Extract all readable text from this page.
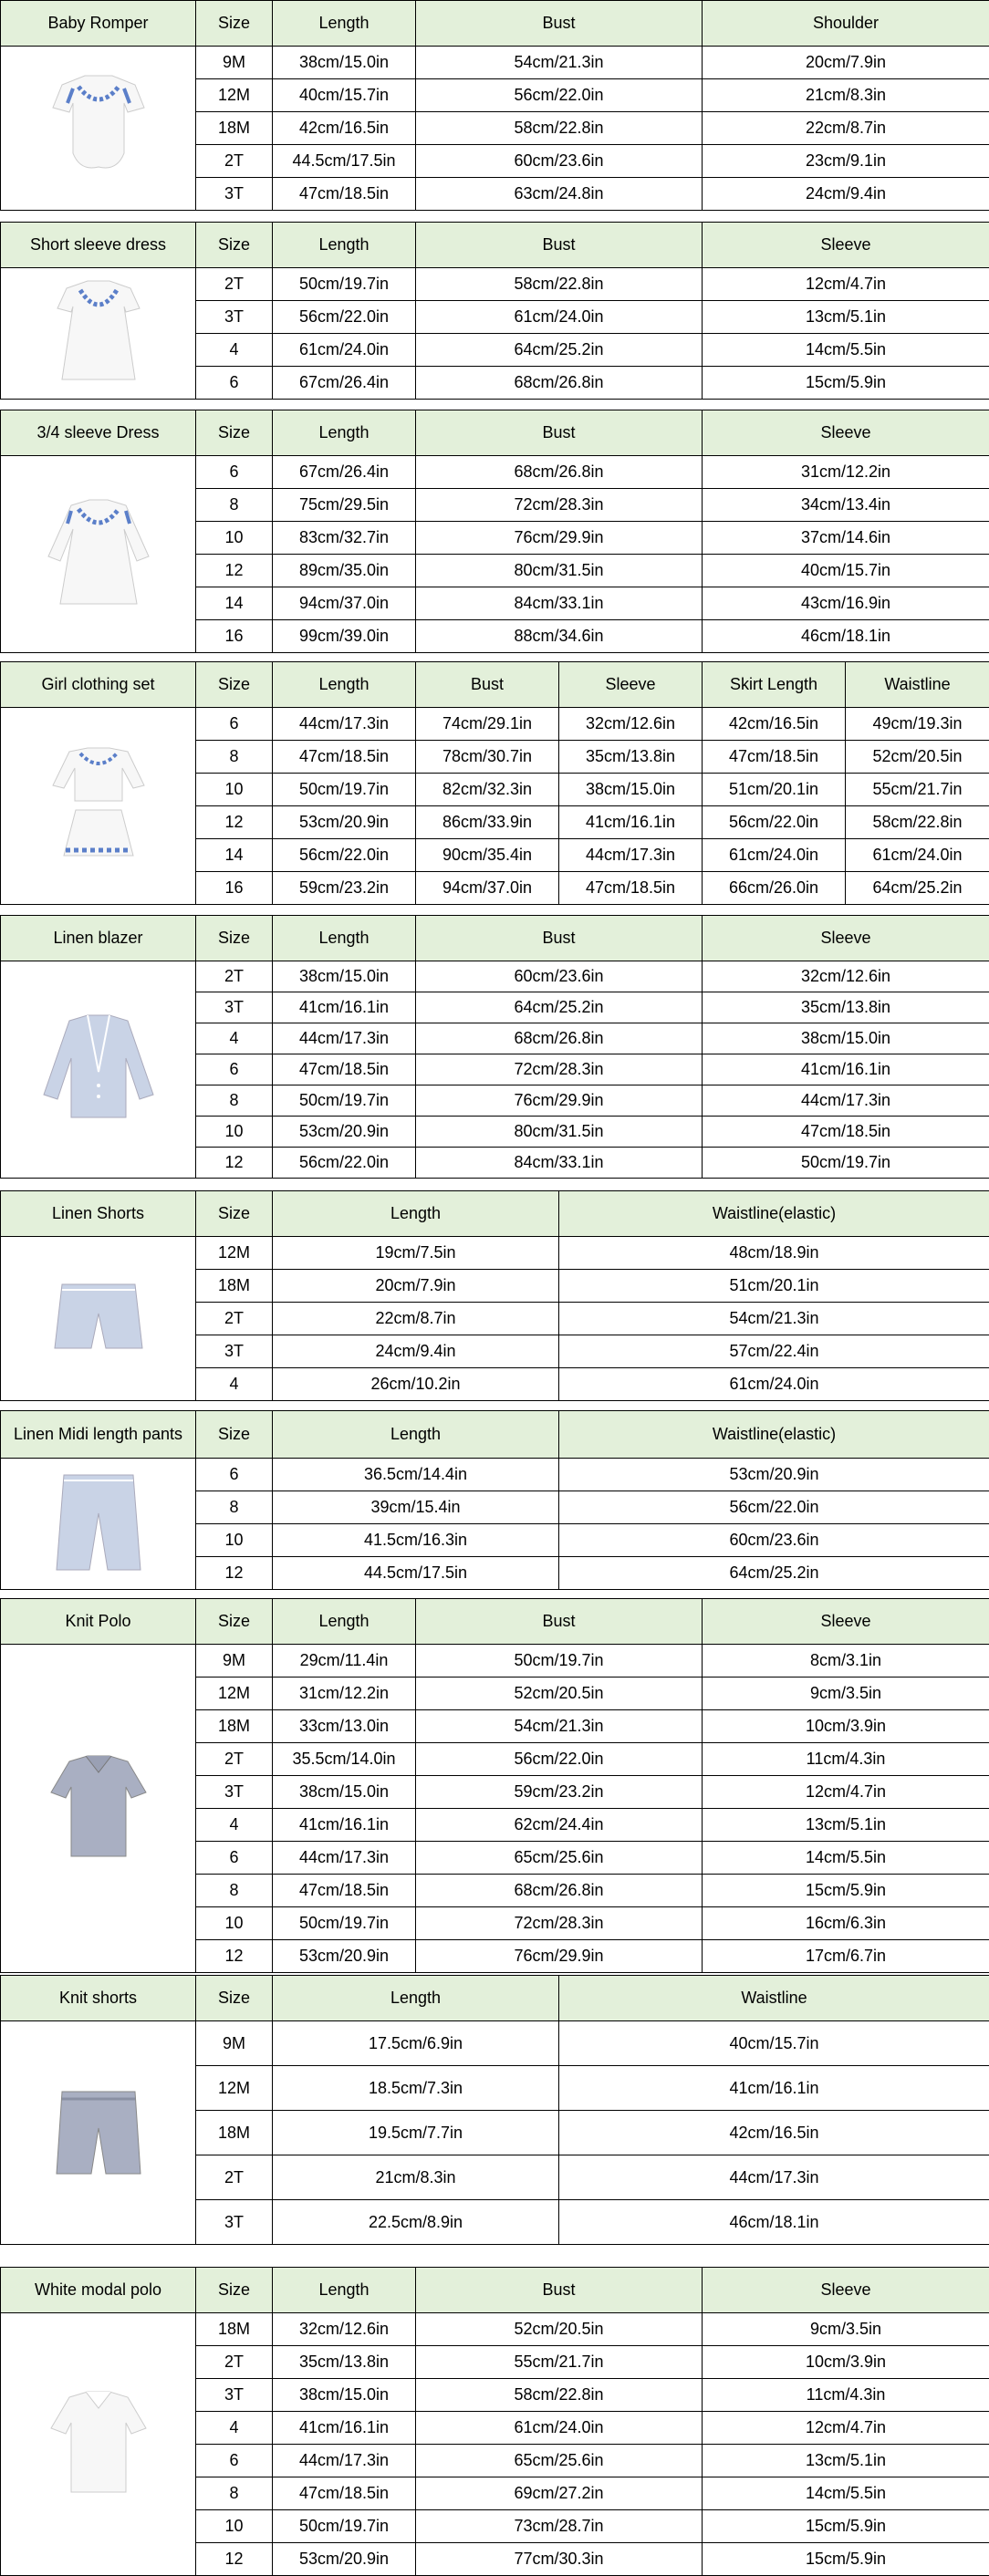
Baby Romper	Size	Length	Bust	Shoulder
	9M	38cm/15.0in	54cm/21.3in	20cm/7.9in
	12M	40cm/15.7in	56cm/22.0in	21cm/8.3in
	18M	42cm/16.5in	58cm/22.8in	22cm/8.7in
	2T	44.5cm/17.5in	60cm/23.6in	23cm/9.1in
	3T	47cm/18.5in	63cm/24.8in	24cm/9.4in
Short sleeve dress	Size	Length	Bust	Sleeve
	2T	50cm/19.7in	58cm/22.8in	12cm/4.7in
	3T	56cm/22.0in	61cm/24.0in	13cm/5.1in
	4	61cm/24.0in	64cm/25.2in	14cm/5.5in
	6	67cm/26.4in	68cm/26.8in	15cm/5.9in
3/4 sleeve Dress	Size	Length	Bust	Sleeve
	6	67cm/26.4in	68cm/26.8in	31cm/12.2in
	8	75cm/29.5in	72cm/28.3in	34cm/13.4in
	10	83cm/32.7in	76cm/29.9in	37cm/14.6in
	12	89cm/35.0in	80cm/31.5in	40cm/15.7in
	14	94cm/37.0in	84cm/33.1in	43cm/16.9in
	16	99cm/39.0in	88cm/34.6in	46cm/18.1in
Girl clothing set	Size	Length	Bust	Sleeve	Skirt Length	Waistline
	6	44cm/17.3in	74cm/29.1in	32cm/12.6in	42cm/16.5in	49cm/19.3in
	8	47cm/18.5in	78cm/30.7in	35cm/13.8in	47cm/18.5in	52cm/20.5in
	10	50cm/19.7in	82cm/32.3in	38cm/15.0in	51cm/20.1in	55cm/21.7in
	12	53cm/20.9in	86cm/33.9in	41cm/16.1in	56cm/22.0in	58cm/22.8in
	14	56cm/22.0in	90cm/35.4in	44cm/17.3in	61cm/24.0in	61cm/24.0in
	16	59cm/23.2in	94cm/37.0in	47cm/18.5in	66cm/26.0in	64cm/25.2in
Linen blazer	Size	Length	Bust	Sleeve
	2T	38cm/15.0in	60cm/23.6in	32cm/12.6in
	3T	41cm/16.1in	64cm/25.2in	35cm/13.8in
	4	44cm/17.3in	68cm/26.8in	38cm/15.0in
	6	47cm/18.5in	72cm/28.3in	41cm/16.1in
	8	50cm/19.7in	76cm/29.9in	44cm/17.3in
	10	53cm/20.9in	80cm/31.5in	47cm/18.5in
	12	56cm/22.0in	84cm/33.1in	50cm/19.7in
Linen Shorts	Size	Length	Waistline(elastic)
	12M	19cm/7.5in	48cm/18.9in
	18M	20cm/7.9in	51cm/20.1in
	2T	22cm/8.7in	54cm/21.3in
	3T	24cm/9.4in	57cm/22.4in
	4	26cm/10.2in	61cm/24.0in
Linen Midi length pants	Size	Length	Waistline(elastic)
	6	36.5cm/14.4in	53cm/20.9in
	8	39cm/15.4in	56cm/22.0in
	10	41.5cm/16.3in	60cm/23.6in
	12	44.5cm/17.5in	64cm/25.2in
Knit Polo	Size	Length	Bust	Sleeve
	9M	29cm/11.4in	50cm/19.7in	8cm/3.1in
	12M	31cm/12.2in	52cm/20.5in	9cm/3.5in
	18M	33cm/13.0in	54cm/21.3in	10cm/3.9in
	2T	35.5cm/14.0in	56cm/22.0in	11cm/4.3in
	3T	38cm/15.0in	59cm/23.2in	12cm/4.7in
	4	41cm/16.1in	62cm/24.4in	13cm/5.1in
	6	44cm/17.3in	65cm/25.6in	14cm/5.5in
	8	47cm/18.5in	68cm/26.8in	15cm/5.9in
	10	50cm/19.7in	72cm/28.3in	16cm/6.3in
	12	53cm/20.9in	76cm/29.9in	17cm/6.7in
Knit shorts	Size	Length	Waistline
	9M	17.5cm/6.9in	40cm/15.7in
	12M	18.5cm/7.3in	41cm/16.1in
	18M	19.5cm/7.7in	42cm/16.5in
	2T	21cm/8.3in	44cm/17.3in
	3T	22.5cm/8.9in	46cm/18.1in
White modal polo	Size	Length	Bust	Sleeve
	18M	32cm/12.6in	52cm/20.5in	9cm/3.5in
	2T	35cm/13.8in	55cm/21.7in	10cm/3.9in
	3T	38cm/15.0in	58cm/22.8in	11cm/4.3in
	4	41cm/16.1in	61cm/24.0in	12cm/4.7in
	6	44cm/17.3in	65cm/25.6in	13cm/5.1in
	8	47cm/18.5in	69cm/27.2in	14cm/5.5in
	10	50cm/19.7in	73cm/28.7in	15cm/5.9in
	12	53cm/20.9in	77cm/30.3in	15cm/5.9in
